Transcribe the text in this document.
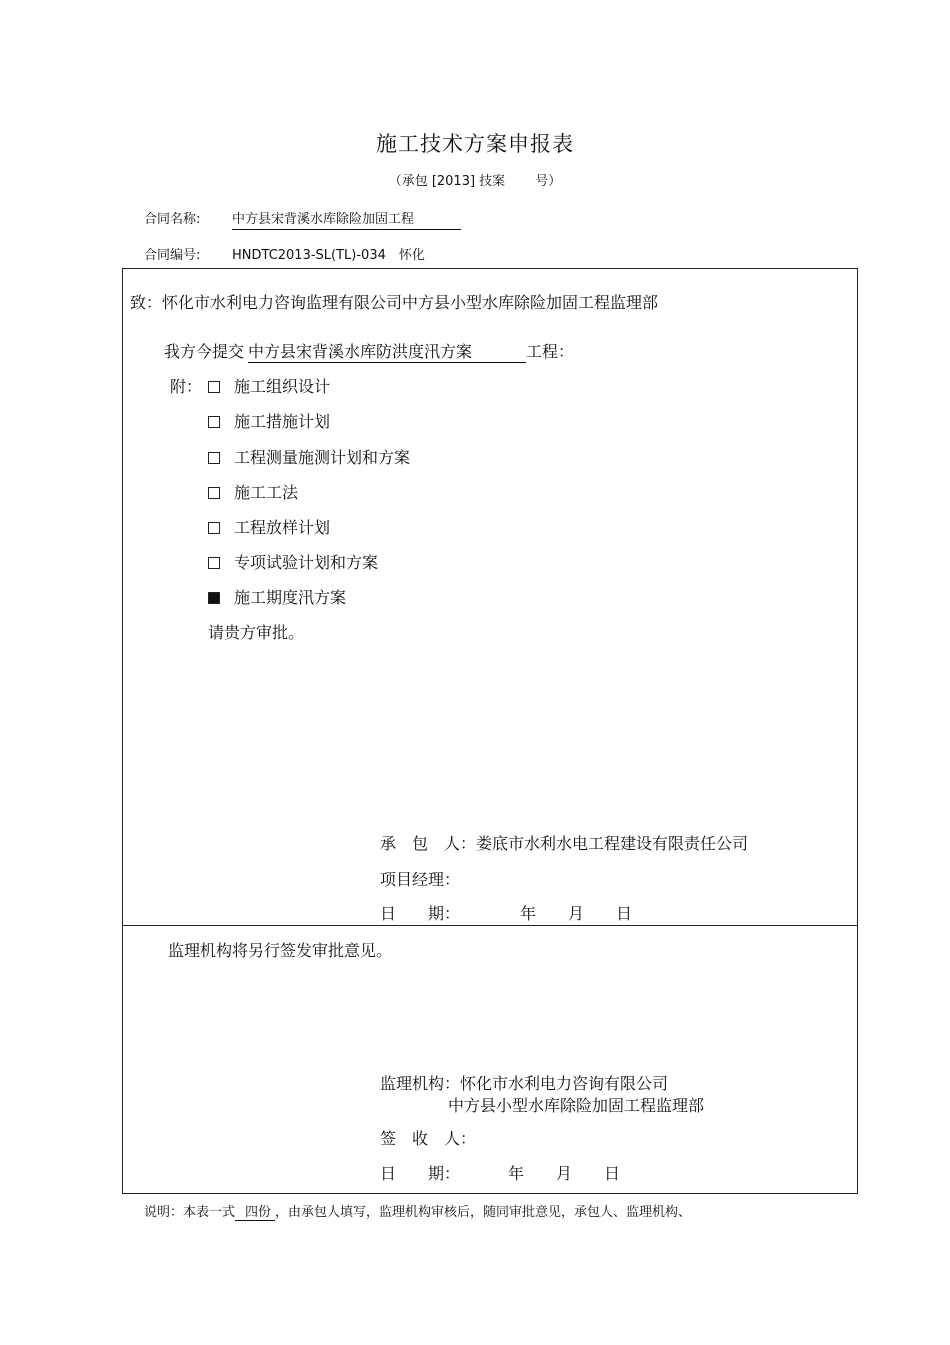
施工技术方案申报表
（承包 [2013] 技案　　 号）
合同名称: 中方县宋背溪水库除险加固工程
合同编号: HNDTC2013-SL(TL)-034　怀化
致：怀化市水利电力咨询监理有限公司中方县小型水库除险加固工程监理部
我方今提交 中方县宋背溪水库防洪度汛方案	工程：
附：	施工组织设计
施工措施计划
工程测量施测计划和方案
施工工法
工程放样计划
专项试验计划和方案
施工期度汛方案
请贵方审批。
承　包　人：娄底市水利水电工程建设有限责任公司
项目经理：
日　　期：	年　　月　　日
监理机构将另行签发审批意见。
监理机构：怀化市水利电力咨询有限公司
中方县小型水库除险加固工程监理部
签　收　人：
日　　期：	年　　月　　日
说明：本表一式 四份 ，由承包人填写，监理机构审核后，随同审批意见，承包人、监理机构、
